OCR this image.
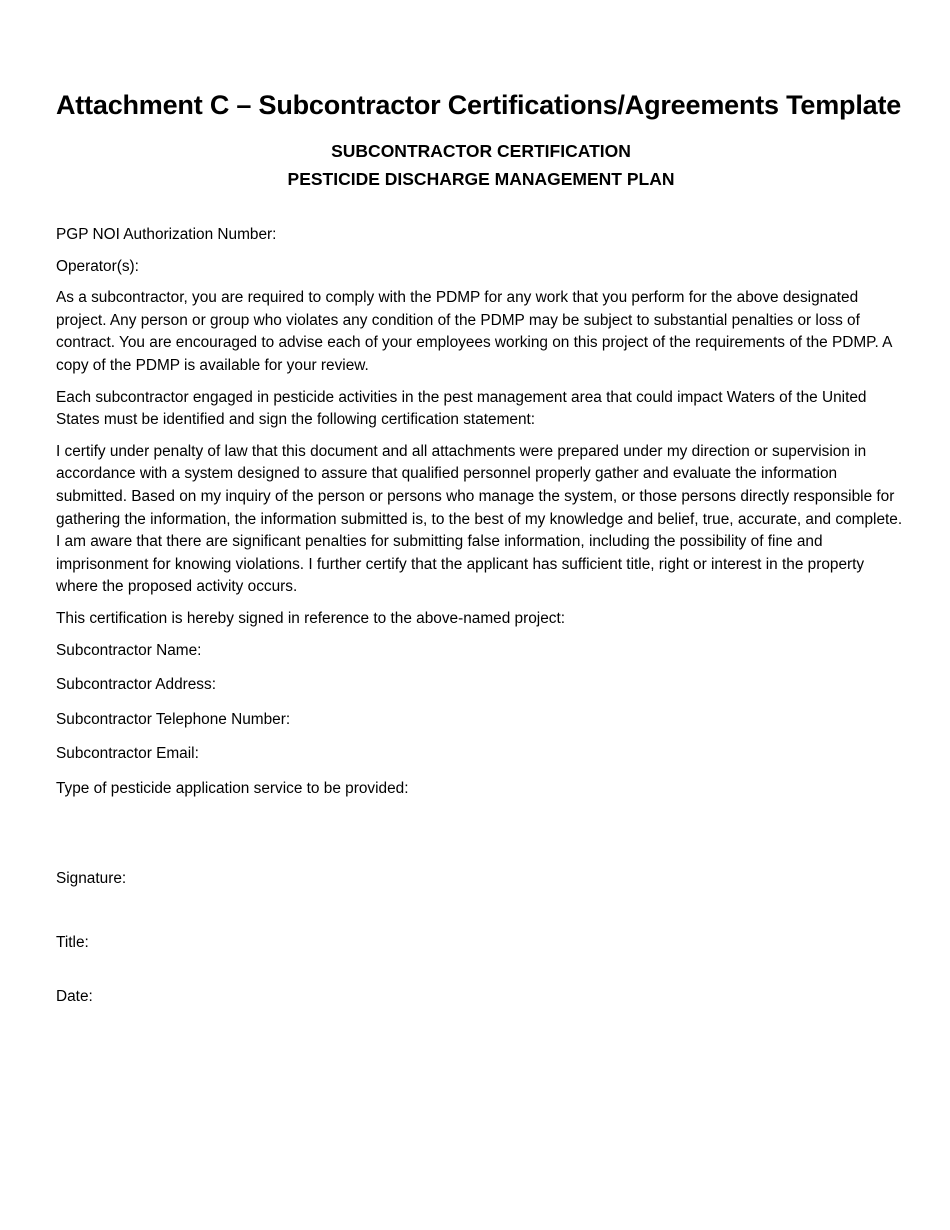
Attachment C – Subcontractor Certifications/Agreements Template
SUBCONTRACTOR CERTIFICATION
PESTICIDE DISCHARGE MANAGEMENT PLAN

PGP NOI Authorization Number:

Operator(s):

As a subcontractor, you are required to comply with the PDMP for any work that you perform for the above designated project. Any person or group who violates any condition of the PDMP may be subject to substantial penalties or loss of contract. You are encouraged to advise each of your employees working on this project of the requirements of the PDMP. A copy of the PDMP is available for your review.

Each subcontractor engaged in pesticide activities in the pest management area that could impact Waters of the United States must be identified and sign the following certification statement:

I certify under penalty of law that this document and all attachments were prepared under my direction or supervision in accordance with a system designed to assure that qualified personnel properly gather and evaluate the information submitted. Based on my inquiry of the person or persons who manage the system, or those persons directly responsible for gathering the information, the information submitted is, to the best of my knowledge and belief, true, accurate, and complete. I am aware that there are significant penalties for submitting false information, including the possibility of fine and imprisonment for knowing violations. I further certify that the applicant has sufficient title, right or interest in the property where the proposed activity occurs.

This certification is hereby signed in reference to the above-named project:

Subcontractor Name:

Subcontractor Address:

Subcontractor Telephone Number:

Subcontractor Email:

Type of pesticide application service to be provided:

Signature:

Title:

Date:
